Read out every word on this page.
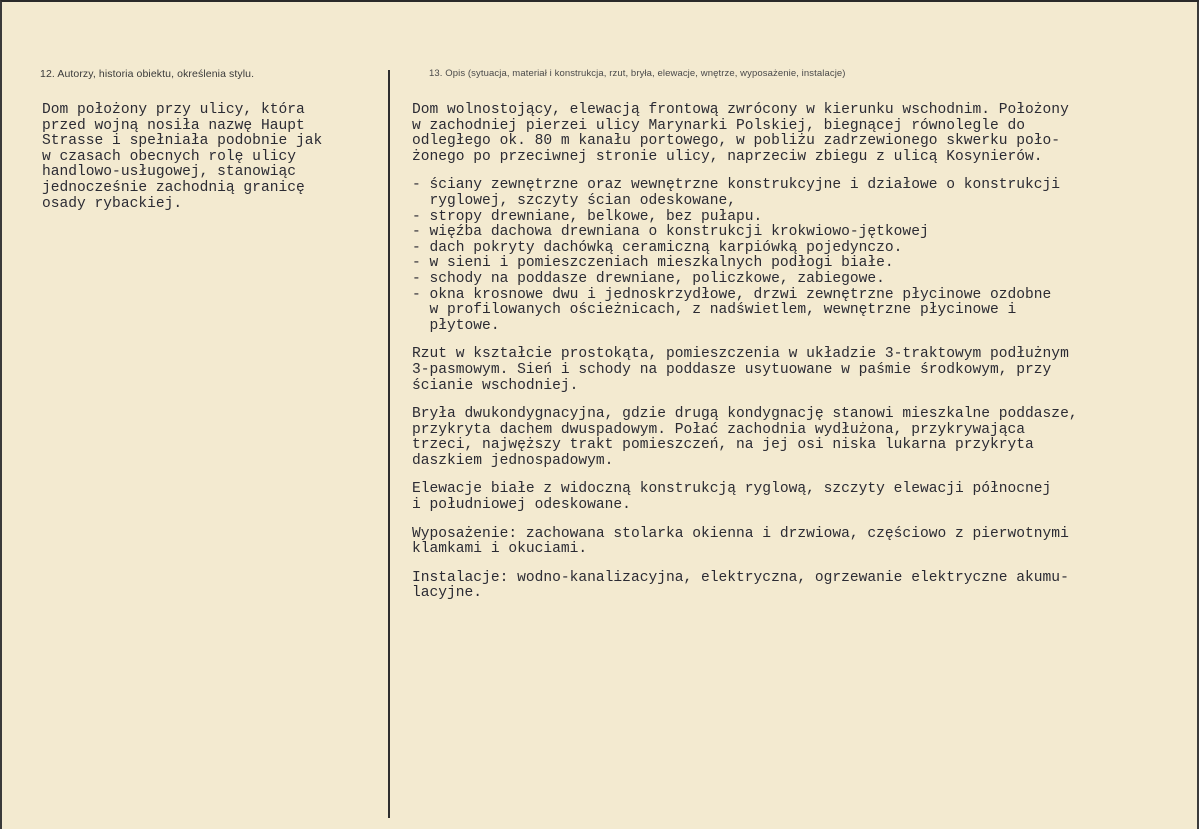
12. Autorzy, historia obiektu, określenia stylu.	13. Opis (sytuacja, materiał i konstrukcja, rzut, bryła, elewacje, wnętrze, wyposażenie, instalacje)

Dom położony przy ulicy, która
przed wojną nosiła nazwę Haupt
Strasse i spełniała podobnie jak
w czasach obecnych rolę ulicy
handlowo-usługowej, stanowiąc
jednocześnie zachodnią granicę
osady rybackiej.

Dom wolnostojący, elewacją frontową zwrócony w kierunku wschodnim. Położony
w zachodniej pierzei ulicy Marynarki Polskiej, biegnącej równolegle do
odległego ok. 80 m kanału portowego, w pobliżu zadrzewionego skwerku poło-
żonego po przeciwnej stronie ulicy, naprzeciw zbiegu z ulicą Kosynierów.

- ściany zewnętrzne oraz wewnętrzne konstrukcyjne i działowe o konstrukcji
ryglowej, szczyty ścian odeskowane,

- stropy drewniane, belkowe, bez pułapu.

- więźba dachowa drewniana o konstrukcji krokwiowo-jętkowej

- dach pokryty dachówką ceramiczną karpiówką pojedynczo.

- w sieni i pomieszczeniach mieszkalnych podłogi białe.

- schody na poddasze drewniane, policzkowe, zabiegowe.

- okna krosnowe dwu i jednoskrzydłowe, drzwi zewnętrzne płycinowe ozdobne
w profilowanych ościeżnicach, z nadświetlem, wewnętrzne płycinowe i
płytowe.

Rzut w kształcie prostokąta, pomieszczenia w układzie 3-traktowym podłużnym
3-pasmowym. Sień i schody na poddasze usytuowane w paśmie środkowym, przy
ścianie wschodniej.

Bryła dwukondygnacyjna, gdzie drugą kondygnację stanowi mieszkalne poddasze,
przykryta dachem dwuspadowym. Połać zachodnia wydłużona, przykrywająca
trzeci, najwęższy trakt pomieszczeń, na jej osi niska lukarna przykryta
daszkiem jednospadowym.

Elewacje białe z widoczną konstrukcją ryglową, szczyty elewacji północnej
i południowej odeskowane.

Wyposażenie: zachowana stolarka okienna i drzwiowa, częściowo z pierwotnymi
klamkami i okuciami.

Instalacje: wodno-kanalizacyjna, elektryczna, ogrzewanie elektryczne akumu-
lacyjne.
